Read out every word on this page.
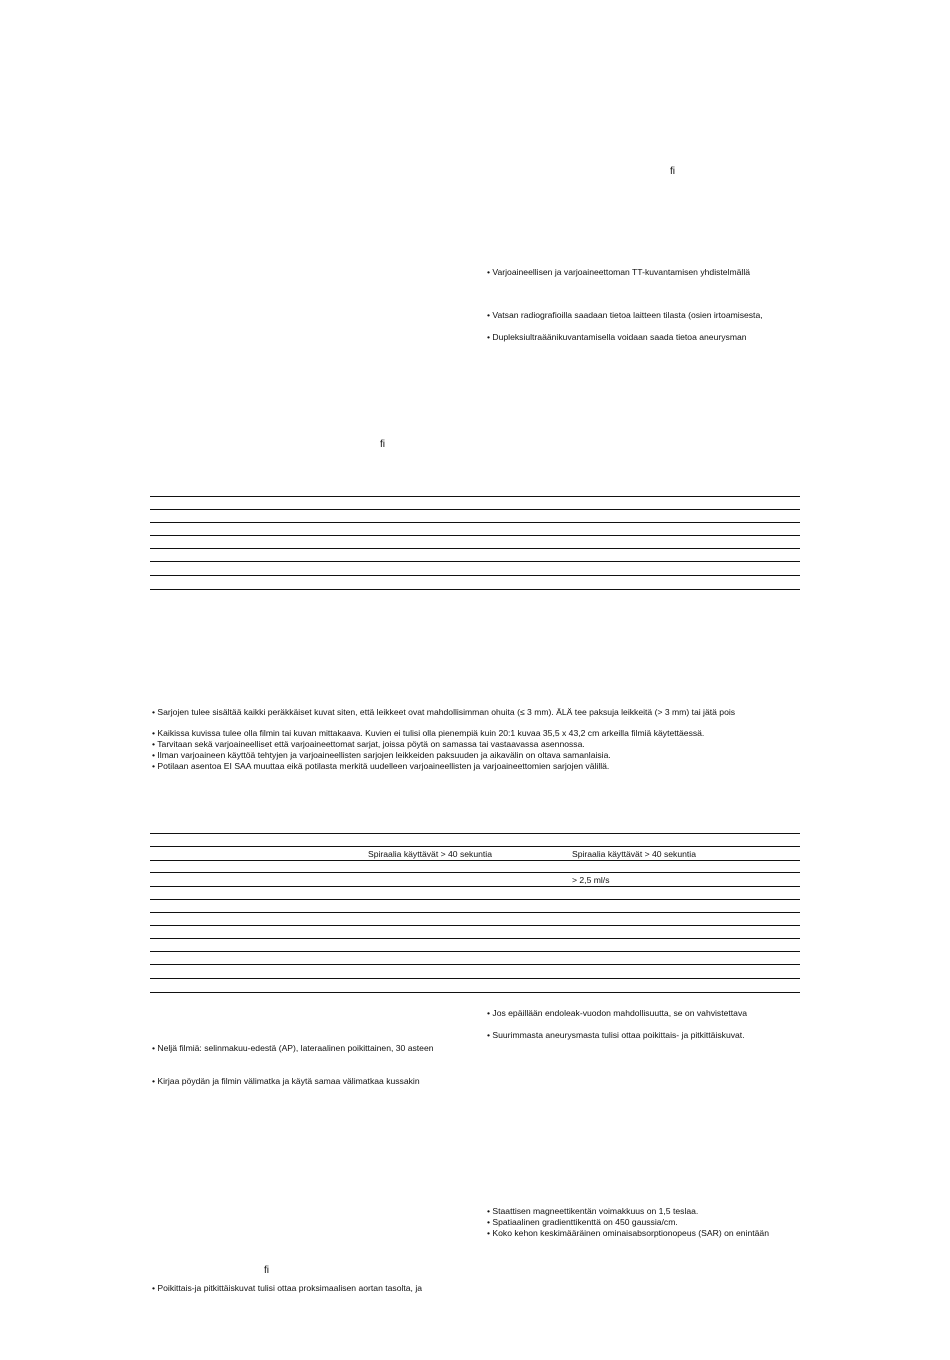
ﬁ
ﬁ
ﬁ
• Varjoaineellisen ja varjoaineettoman TT-kuvantamisen yhdistelmällä
• Vatsan radiografioilla saadaan tietoa laitteen tilasta (osien irtoamisesta,
• Dupleksiultraäänikuvantamisella voidaan saada tietoa aneurysman
• Sarjojen tulee sisältää kaikki peräkkäiset kuvat siten, että leikkeet ovat mahdollisimman ohuita (≤ 3 mm). ÄLÄ tee paksuja leikkeitä (> 3 mm) tai jätä pois
• Kaikissa kuvissa tulee olla filmin tai kuvan mittakaava. Kuvien ei tulisi olla pienempiä kuin 20:1 kuvaa 35,5 x 43,2 cm arkeilla filmiä käytettäessä.
• Tarvitaan sekä varjoaineelliset että varjoaineettomat sarjat, joissa pöytä on samassa tai vastaavassa asennossa.
• Ilman varjoaineen käyttöä tehtyjen ja varjoaineellisten sarjojen leikkeiden paksuuden ja aikavälin on oltava samanlaisia.
• Potilaan asentoa EI SAA muuttaa eikä potilasta merkitä uudelleen varjoaineellisten ja varjoaineettomien sarjojen välillä.
Spiraalia käyttävät > 40 sekuntia	Spiraalia käyttävät > 40 sekuntia
> 2,5 ml/s
• Jos epäillään endoleak-vuodon mahdollisuutta, se on vahvistettava
• Suurimmasta aneurysmasta tulisi ottaa poikittais- ja pitkittäiskuvat.
• Neljä filmiä: selinmakuu-edestä (AP), lateraalinen poikittainen, 30 asteen
• Kirjaa pöydän ja filmin välimatka ja käytä samaa välimatkaa kussakin
• Staattisen magneettikentän voimakkuus on 1,5 teslaa.
• Spatiaalinen gradienttikenttä on 450 gaussia/cm.
• Koko kehon keskimääräinen ominaisabsorptionopeus (SAR) on enintään
• Poikittais-ja pitkittäiskuvat tulisi ottaa proksimaalisen aortan tasolta, ja
